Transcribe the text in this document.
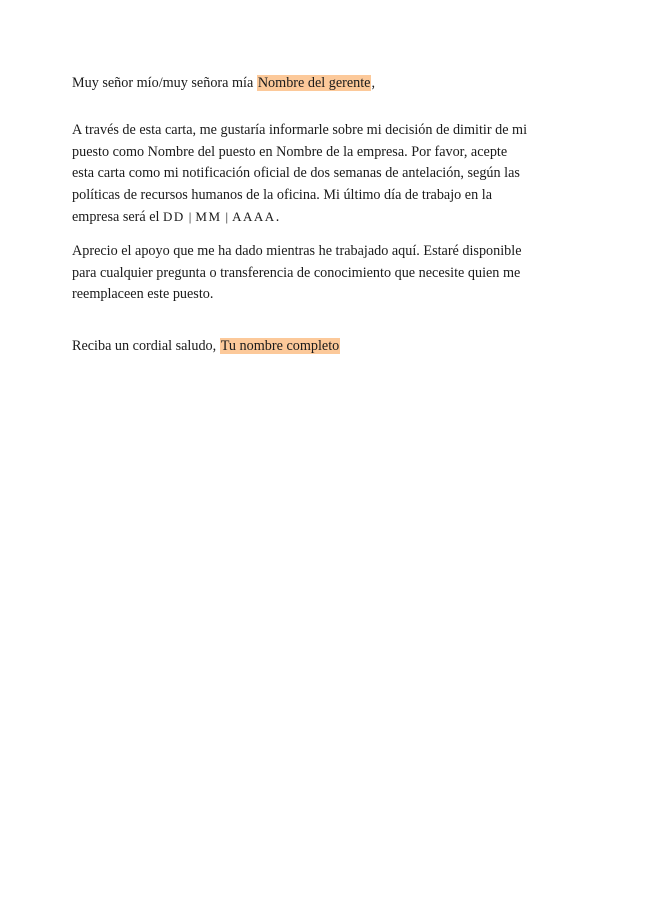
Muy señor mío/muy señora mía Nombre del gerente,

A través de esta carta, me gustaría informarle sobre mi decisión de dimitir de mi
puesto como Nombre del puesto en Nombre de la empresa. Por favor, acepte
esta carta como mi notificación oficial de dos semanas de antelación, según las
políticas de recursos humanos de la oficina. Mi último día de trabajo en la
empresa será el DD | MM | AAAA.

Aprecio el apoyo que me ha dado mientras he trabajado aquí. Estaré disponible
para cualquier pregunta o transferencia de conocimiento que necesite quien me
reemplaceen este puesto.

Reciba un cordial saludo, Tu nombre completo
